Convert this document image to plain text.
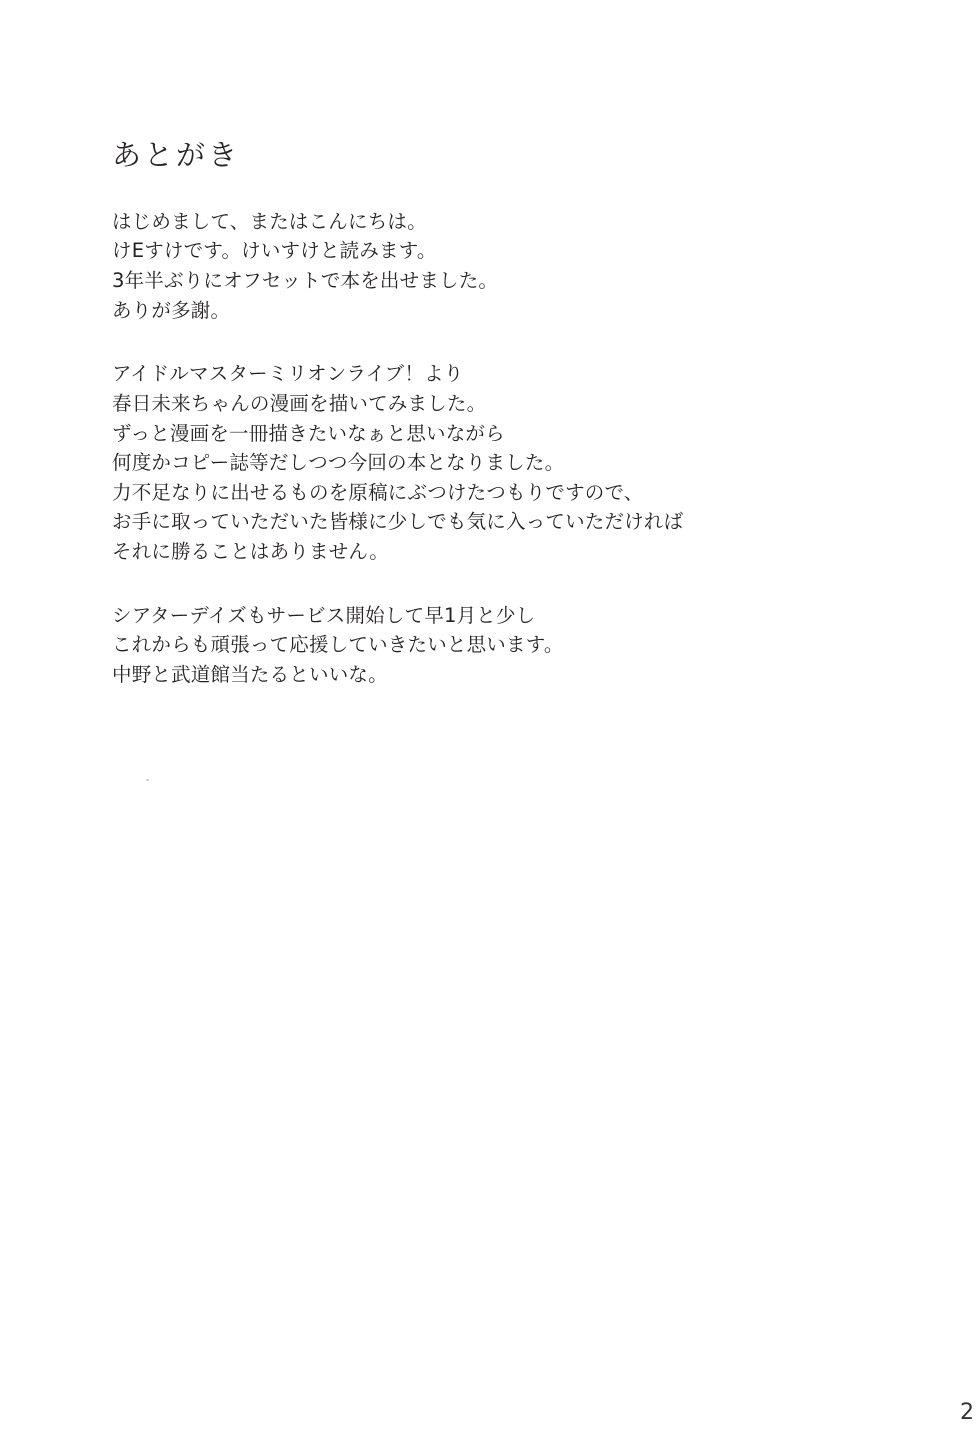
あとがき
はじめまして、またはこんにちは。
けΕすけです。けいすけと読みます。
3年半ぶりにオフセットで本を出せました。
ありが多謝。
アイドルマスターミリオンライブ！より
春日未来ちゃんの漫画を描いてみました。
ずっと漫画を一冊描きたいなぁと思いながら
何度かコピー誌等だしつつ今回の本となりました。
力不足なりに出せるものを原稿にぶつけたつもりですので、
お手に取っていただいた皆様に少しでも気に入っていただければ
それに勝ることはありません。
シアターデイズもサービス開始して早1月と少し
これからも頑張って応援していきたいと思います。
中野と武道館当たるといいな。
2
